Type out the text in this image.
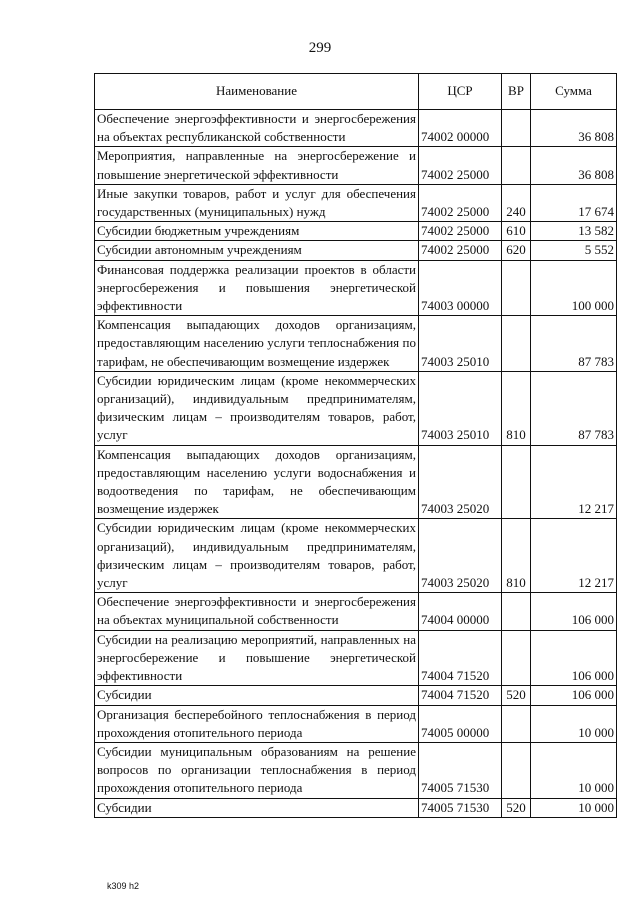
299
Наименование	ЦСР	ВР	Сумма
Обеспечение энергоэффективности и энергосбережения на объектах республиканской собственности	74002 00000		36 808
Мероприятия, направленные на энергосбережение и повышение энергетической эффективности	74002 25000		36 808
Иные закупки товаров, работ и услуг для обеспечения государственных (муниципальных) нужд	74002 25000	240	17 674
Субсидии бюджетным учреждениям	74002 25000	610	13 582
Субсидии автономным учреждениям	74002 25000	620	5 552
Финансовая поддержка реализации проектов в области энергосбережения и повышения энергетической эффективности	74003 00000		100 000
Компенсация выпадающих доходов организациям, предоставляющим населению услуги теплоснабжения по тарифам, не обеспечивающим возмещение издержек	74003 25010		87 783
Субсидии юридическим лицам (кроме некоммерческих организаций), индивидуальным предпринимателям, физическим лицам – производителям товаров, работ, услуг	74003 25010	810	87 783
Компенсация выпадающих доходов организациям, предоставляющим населению услуги водоснабжения и водоотведения по тарифам, не обеспечивающим возмещение издержек	74003 25020		12 217
Субсидии юридическим лицам (кроме некоммерческих организаций), индивидуальным предпринимателям, физическим лицам – производителям товаров, работ, услуг	74003 25020	810	12 217
Обеспечение энергоэффективности и энергосбережения на объектах муниципальной собственности	74004 00000		106 000
Субсидии на реализацию мероприятий, направленных на энергосбережение и повышение энергетической эффективности	74004 71520		106 000
Субсидии	74004 71520	520	106 000
Организация бесперебойного теплоснабжения в период прохождения отопительного периода	74005 00000		10 000
Субсидии муниципальным образованиям на решение вопросов по организации теплоснабжения в период прохождения отопительного периода	74005 71530		10 000
Субсидии	74005 71530	520	10 000
k309 h2
